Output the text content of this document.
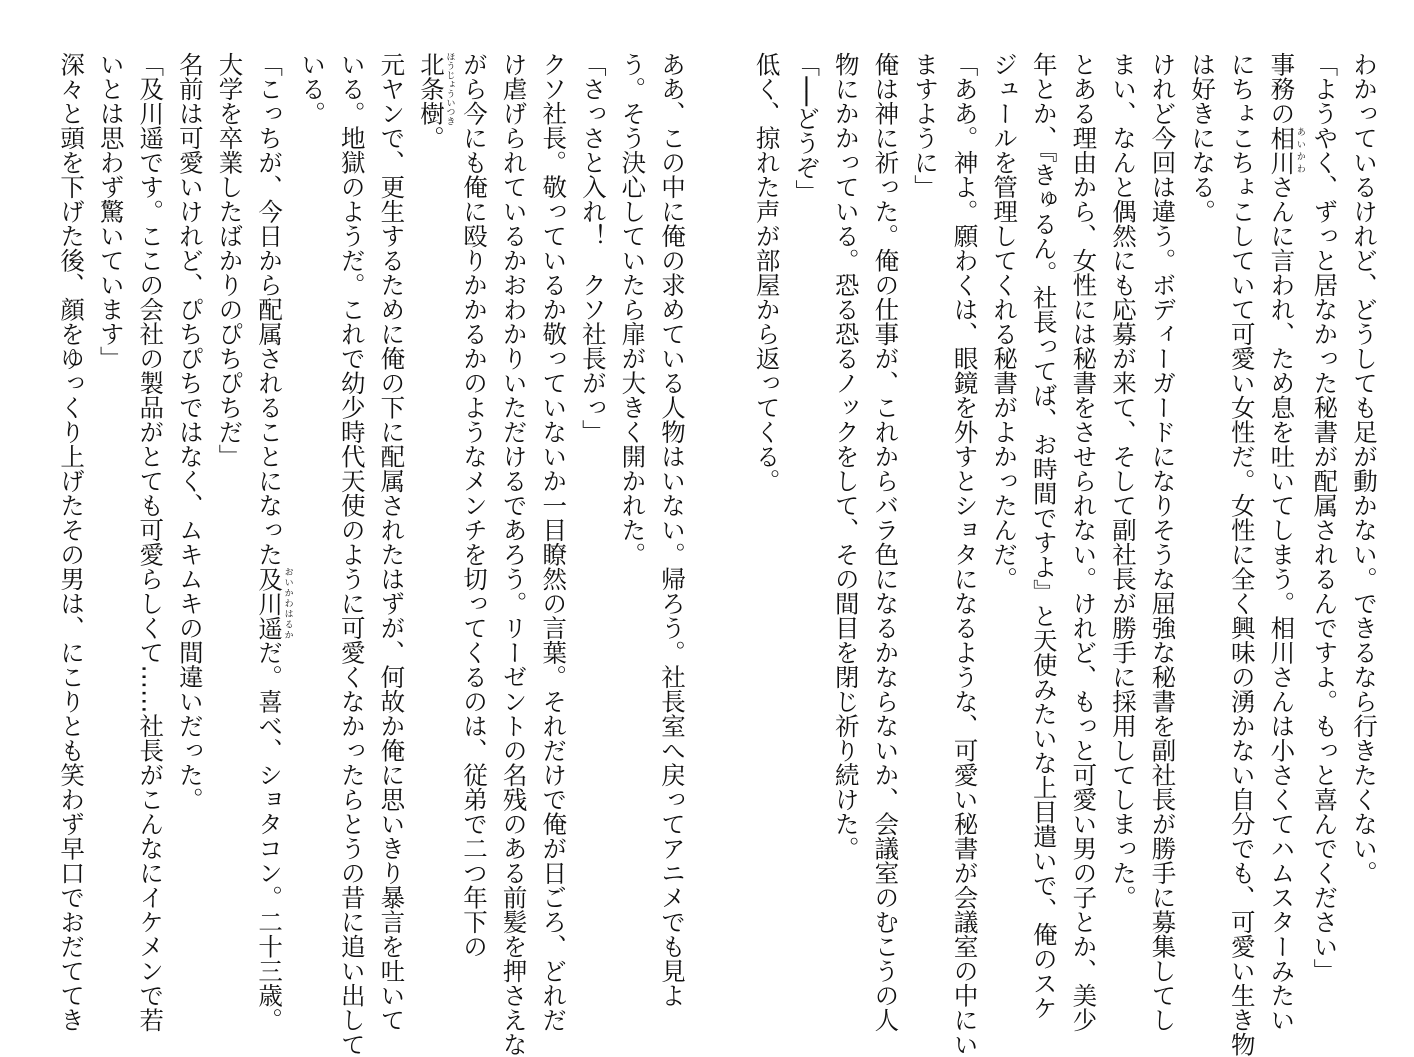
わかっているけれど、どうしても足が動かない。できるなら行きたくない。

「ようやく、ずっと居なかった秘書が配属されるんですよ。もっと喜んでください」

事務の相川あいかわさんに言われ、ため息を吐いてしまう。相川さんは小さくてハムスターみたい

にちょこちょこしていて可愛い女性だ。女性に全く興味の湧かない自分でも、可愛い生き物

は好きになる。

けれど今回は違う。ボディーガードになりそうな屈強な秘書を副社長が勝手に募集してし

まい、なんと偶然にも応募が来て、そして副社長が勝手に採用してしまった。

とある理由から、女性には秘書をさせられない。けれど、もっと可愛い男の子とか、美少

年とか、『きゅるん。社長ってば、お時間ですよ』と天使みたいな上目遣いで、俺のスケ

ジュールを管理してくれる秘書がよかったんだ。

「ああ。神よ。願わくは、眼鏡を外すとショタになるような、可愛い秘書が会議室の中にい

ますように」

俺は神に祈った。俺の仕事が、これからバラ色になるかならないか、会議室のむこうの人

物にかかっている。恐る恐るノックをして、その間目を閉じ祈り続けた。

「──どうぞ」

低く、掠れた声が部屋から返ってくる。

ああ、この中に俺の求めている人物はいない。帰ろう。社長室へ戻ってアニメでも見よ

う。そう決心していたら扉が大きく開かれた。

「さっさと入れ！　クソ社長がっ」

クソ社長。敬っているか敬っていないか一目瞭然の言葉。それだけで俺が日ごろ、どれだ

け虐げられているかおわかりいただけるであろう。リーゼントの名残のある前髪を押さえな

がら今にも俺に殴りかかるかのようなメンチを切ってくるのは、従弟で二つ年下の

北条樹ほうじょういつき。

元ヤンで、更生するために俺の下に配属されたはずが、何故か俺に思いきり暴言を吐いて

いる。地獄のようだ。これで幼少時代天使のように可愛くなかったらとうの昔に追い出して

いる。

「こっちが、今日から配属されることになった及川遥おいかわはるかだ。喜べ、ショタコン。二十三歳。

大学を卒業したばかりのぴちぴちだ」

名前は可愛いけれど、ぴちぴちではなく、ムキムキの間違いだった。

「及川遥です。ここの会社の製品がとても可愛らしくて……社長がこんなにイケメンで若

いとは思わず驚いています」

深々と頭を下げた後、顔をゆっくり上げたその男は、にこりとも笑わず早口でおだててき
